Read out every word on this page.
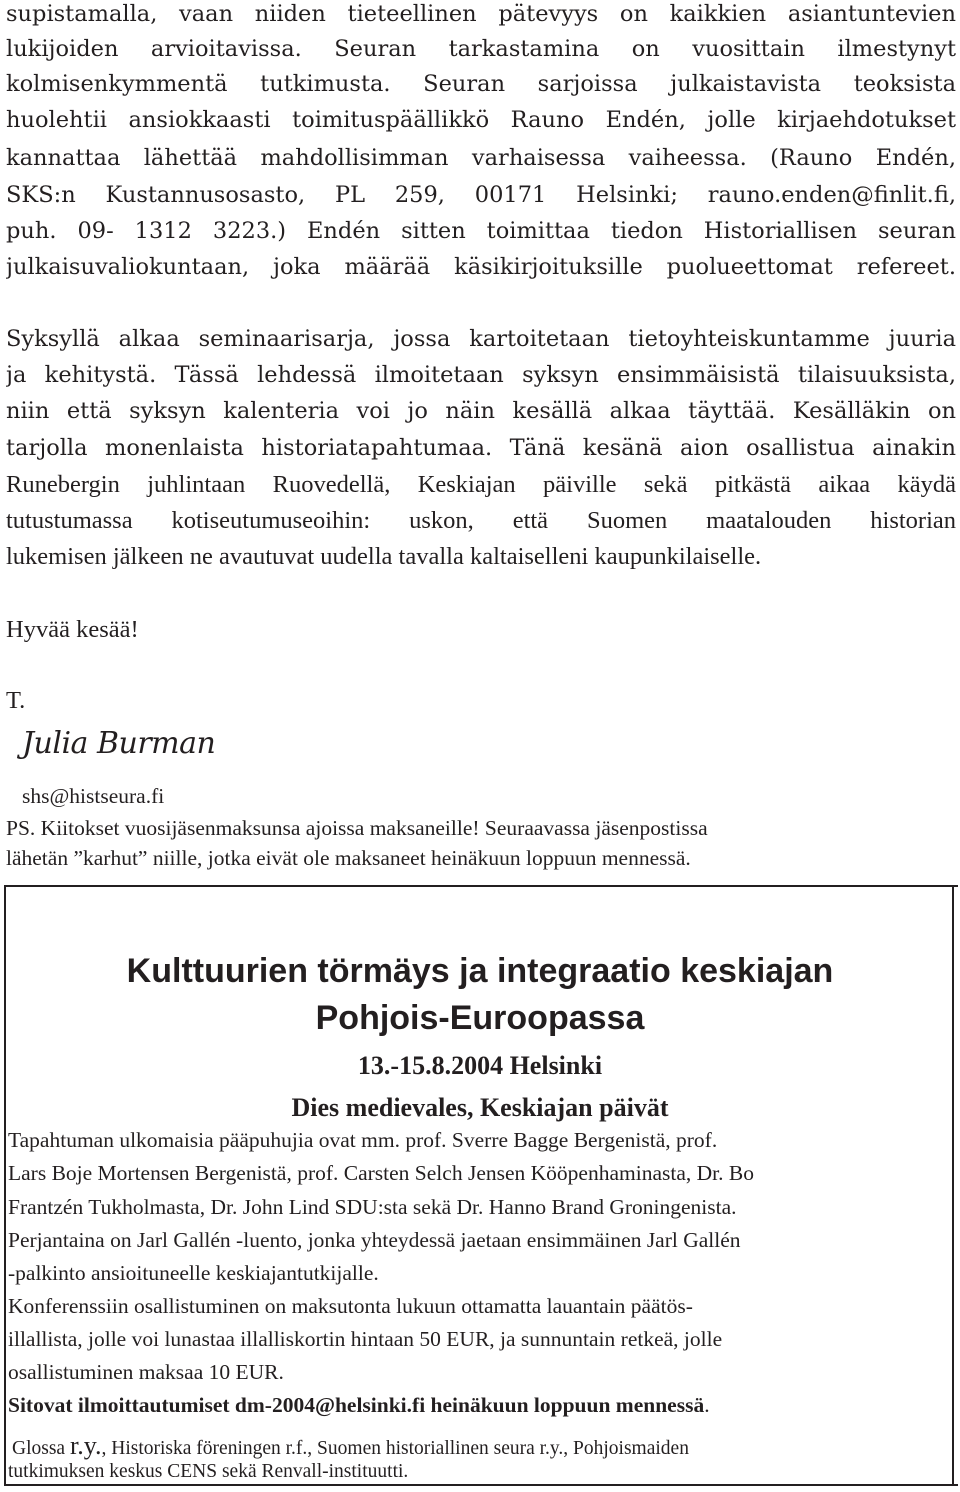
supistamalla, vaan niiden tieteellinen pätevyys on kaikkien asiantuntevien
lukijoiden arvioitavissa. Seuran tarkastamina on vuosittain ilmestynyt
kolmisenkymmentä tutkimusta. Seuran sarjoissa julkaistavista teoksista
huolehtii ansiokkaasti toimituspäällikkö Rauno Endén, jolle kirjaehdotukset
kannattaa lähettää mahdollisimman varhaisessa vaiheessa. (Rauno Endén,
SKS:n Kustannusosasto, PL 259, 00171 Helsinki; rauno.enden@finlit.fi,
puh. 09- 1312 3223.) Endén sitten toimittaa tiedon Historiallisen seuran
julkaisuvaliokuntaan, joka määrää käsikirjoituksille puolueettomat refereet.
Syksyllä alkaa seminaarisarja, jossa kartoitetaan tietoyhteiskuntamme juuria
ja kehitystä. Tässä lehdessä ilmoitetaan syksyn ensimmäisistä tilaisuuksista,
niin että syksyn kalenteria voi jo näin kesällä alkaa täyttää. Kesälläkin on
tarjolla monenlaista historiatapahtumaa. Tänä kesänä aion osallistua ainakin
Runebergin juhlintaan Ruovedellä, Keskiajan päiville sekä pitkästä aikaa käydä
tutustumassa kotiseutumuseoihin: uskon, että Suomen maatalouden historian
lukemisen jälkeen ne avautuvat uudella tavalla kaltaiselleni kaupunkilaiselle.
Hyvää kesää!
T.
Julia Burman
shs@histseura.fi
PS. Kiitokset vuosijäsenmaksunsa ajoissa maksaneille! Seuraavassa jäsenpostissa
lähetän ”karhut” niille, jotka eivät ole maksaneet heinäkuun loppuun mennessä.
Kulttuurien törmäys ja integraatio keskiajan
Pohjois-Euroopassa
13.-15.8.2004 Helsinki
Dies medievales, Keskiajan päivät
Tapahtuman ulkomaisia pääpuhujia ovat mm. prof. Sverre Bagge Bergenistä, prof.
Lars Boje Mortensen Bergenistä, prof. Carsten Selch Jensen Kööpenhaminasta, Dr. Bo
Frantzén Tukholmasta, Dr. John Lind SDU:sta sekä Dr. Hanno Brand Groningenista.
Perjantaina on Jarl Gallén -luento, jonka yhteydessä jaetaan ensimmäinen Jarl Gallén
-palkinto ansioituneelle keskiajantutkijalle.
Konferenssiin osallistuminen on maksutonta lukuun ottamatta lauantain päätös-
illallista, jolle voi lunastaa illalliskortin hintaan 50 EUR, ja sunnuntain retkeä, jolle
osallistuminen maksaa 10 EUR.
Sitovat ilmoittautumiset dm-2004@helsinki.fi heinäkuun loppuun mennessä.
Glossa r.y., Historiska föreningen r.f., Suomen historiallinen seura r.y., Pohjoismaiden
tutkimuksen keskus CENS sekä Renvall-instituutti.
